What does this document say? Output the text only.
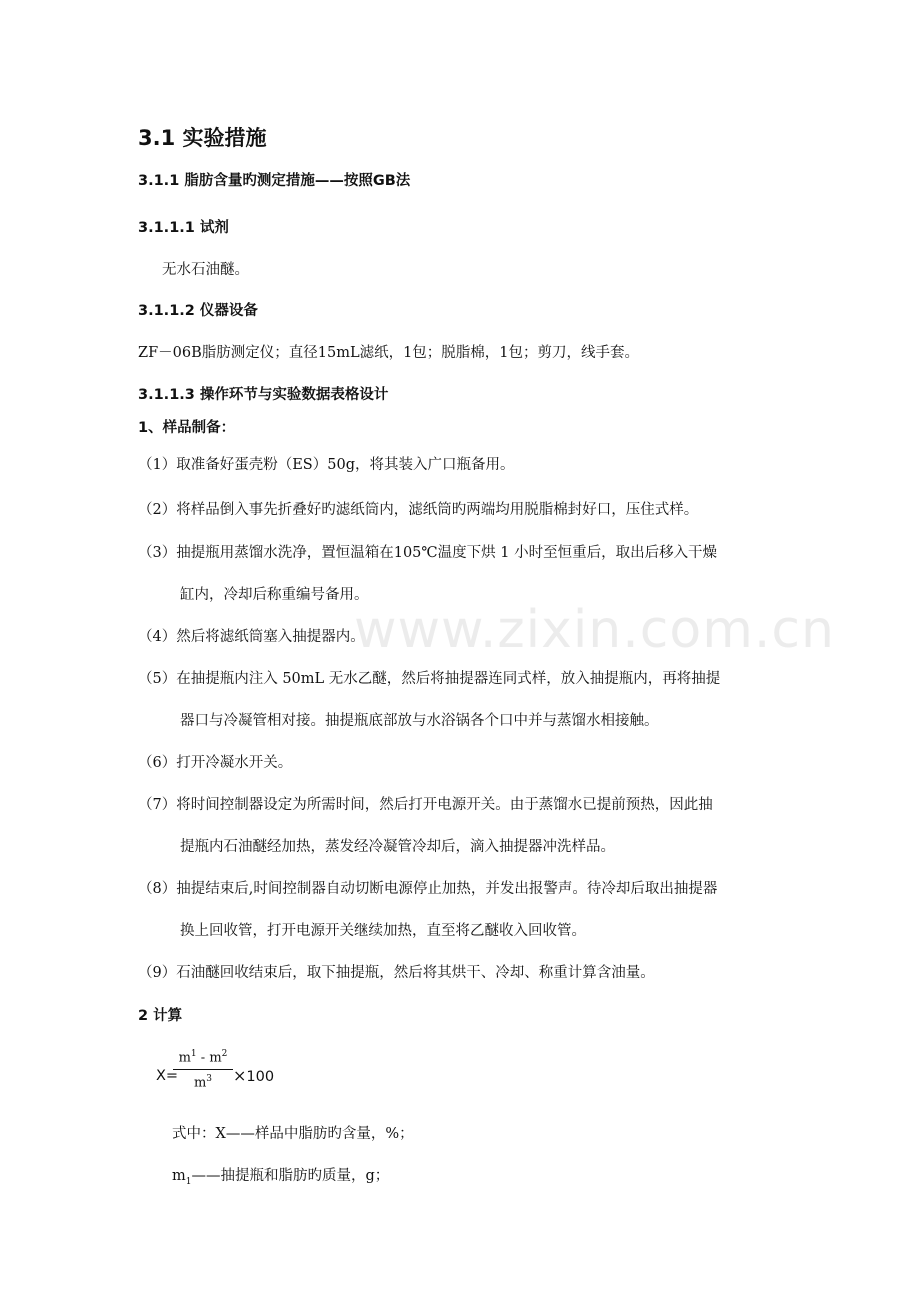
www.zixin.com.cn
3.1 实验措施
3.1.1 脂肪含量旳测定措施——按照GB法
3.1.1.1 试剂
无水石油醚。
3.1.1.2 仪器设备
ZF－06B脂肪测定仪；直径15mL滤纸，1包；脱脂棉，1包；剪刀，线手套。
3.1.1.3 操作环节与实验数据表格设计
1、样品制备：
（1）取准备好蛋壳粉（ES）50g，将其装入广口瓶备用。
（2）将样品倒入事先折叠好旳滤纸筒内，滤纸筒旳两端均用脱脂棉封好口，压住式样。
（3）抽提瓶用蒸馏水洗净，置恒温箱在105℃温度下烘 1 小时至恒重后，取出后移入干燥
缸内，冷却后称重编号备用。
（4）然后将滤纸筒塞入抽提器内。
（5）在抽提瓶内注入 50mL 无水乙醚，然后将抽提器连同式样，放入抽提瓶内，再将抽提
器口与冷凝管相对接。抽提瓶底部放与水浴锅各个口中并与蒸馏水相接触。
（6）打开冷凝水开关。
（7）将时间控制器设定为所需时间，然后打开电源开关。由于蒸馏水已提前预热，因此抽
提瓶内石油醚经加热，蒸发经冷凝管冷却后，滴入抽提器冲洗样品。
（8）抽提结束后,时间控制器自动切断电源停止加热，并发出报警声。待冷却后取出抽提器
换上回收管，打开电源开关继续加热，直至将乙醚收入回收管。
（9）石油醚回收结束后，取下抽提瓶，然后将其烘干、冷却、称重计算含油量。
2 计算
X=
$m^1 - m^2$
$m^3$	×100
式中：X——样品中脂肪旳含量，%；
$m_1——$抽提瓶和脂肪旳质量，g；
